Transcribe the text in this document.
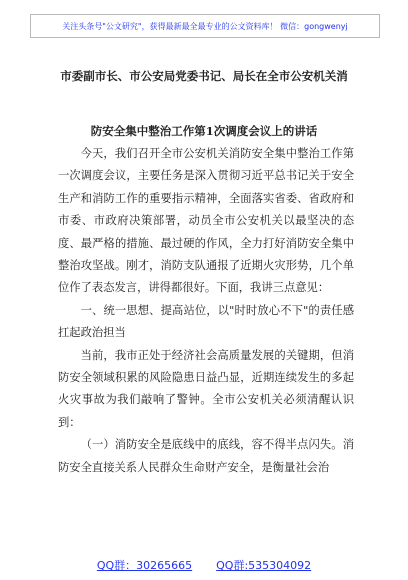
关注头条号"公文研究"，获得最新最全最专业的公文资料库！ 微信：gongwenyj
市委副市长、市公安局党委书记、局长在全市公安机关消
防安全集中整治工作第1次调度会议上的讲话

今天，我们召开全市公安机关消防安全集中整治工作第一次调度会议，主要任务是深入贯彻习近平总书记关于安全生产和消防工作的重要指示精神，全面落实省委、省政府和市委、市政府决策部署，动员全市公安机关以最坚决的态度、最严格的措施、最过硬的作风，全力打好消防安全集中整治攻坚战。刚才，消防支队通报了近期火灾形势，几个单位作了表态发言，讲得都很好。下面，我讲三点意见：

一、统一思想、提高站位，以"时时放心不下"的责任感扛起政治担当

当前，我市正处于经济社会高质量发展的关键期，但消防安全领域积累的风险隐患日益凸显，近期连续发生的多起火灾事故为我们敲响了警钟。全市公安机关必须清醒认识到：

（一）消防安全是底线中的底线，容不得半点闪失。消防安全直接关系人民群众生命财产安全，是衡量社会治

QQ群：30265665 QQ群:535304092
